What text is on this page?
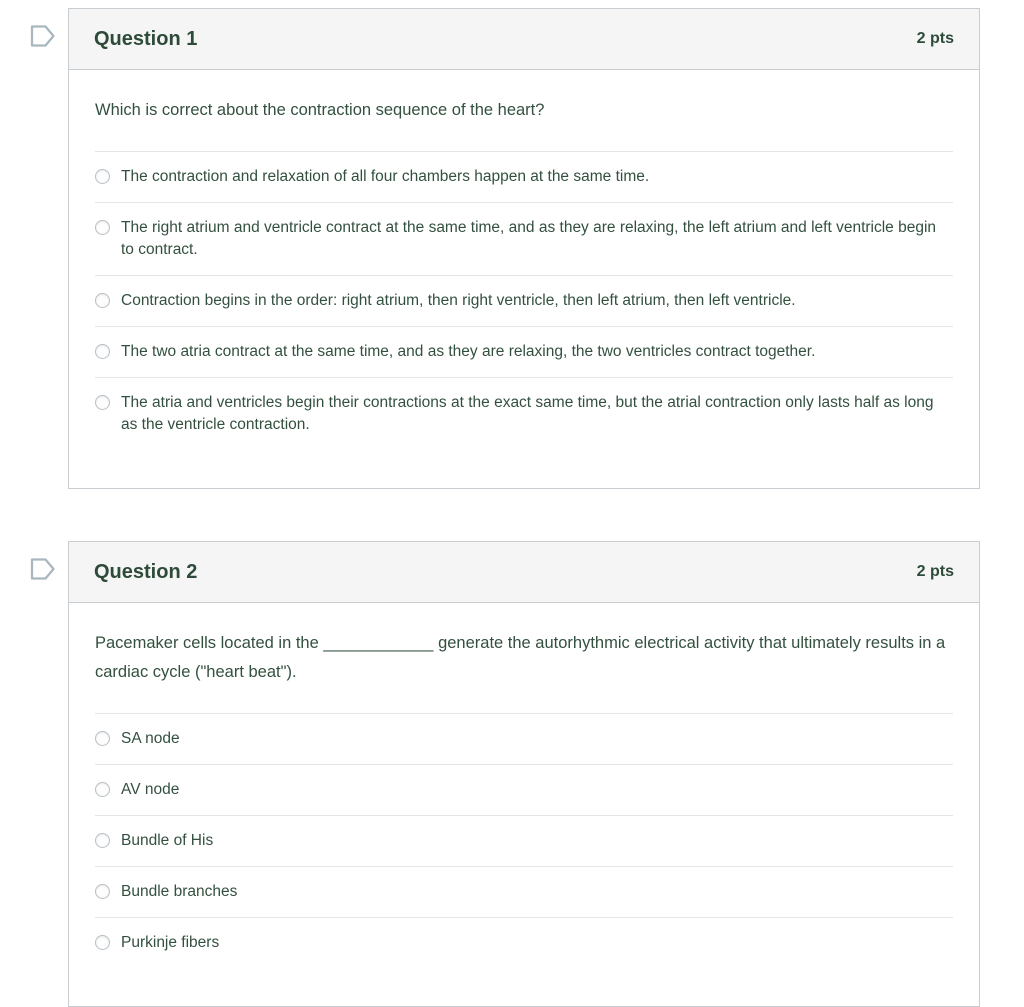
Question 1	2 pts
Which is correct about the contraction sequence of the heart?
The contraction and relaxation of all four chambers happen at the same time.
The right atrium and ventricle contract at the same time, and as they are relaxing, the left atrium and left ventricle begin to contract.
Contraction begins in the order: right atrium, then right ventricle, then left atrium, then left ventricle.
The two atria contract at the same time, and as they are relaxing, the two ventricles contract together.
The atria and ventricles begin their contractions at the exact same time, but the atrial contraction only lasts half as long as the ventricle contraction.
Question 2	2 pts
Pacemaker cells located in the ____________ generate the autorhythmic electrical activity that ultimately results in a cardiac cycle ("heart beat").
SA node
AV node
Bundle of His
Bundle branches
Purkinje fibers
